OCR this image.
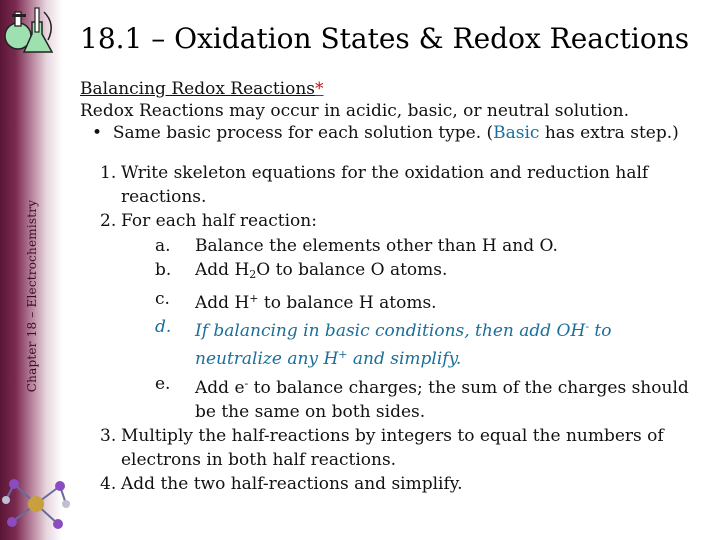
Chapter 18 – Electrochemistry
18.1 – Oxidation States & Redox Reactions
Balancing Redox Reactions*
Redox Reactions may occur in acidic, basic, or neutral solution.
• Same basic process for each solution type. (Basic has extra step.)
1. Write skeleton equations for the oxidation and reduction half
reactions.
2. For each half reaction:
a. Balance the elements other than H and O.
b. Add $H_2O$ to balance O atoms.
c. Add H+ to balance H atoms.
d. If balancing in basic conditions, then add OH- to
neutralize any H+ and simplify.
e. Add e- to balance charges; the sum of the charges should
be the same on both sides.
3. Multiply the half-reactions by integers to equal the numbers of
electrons in both half reactions.
4. Add the two half-reactions and simplify.
